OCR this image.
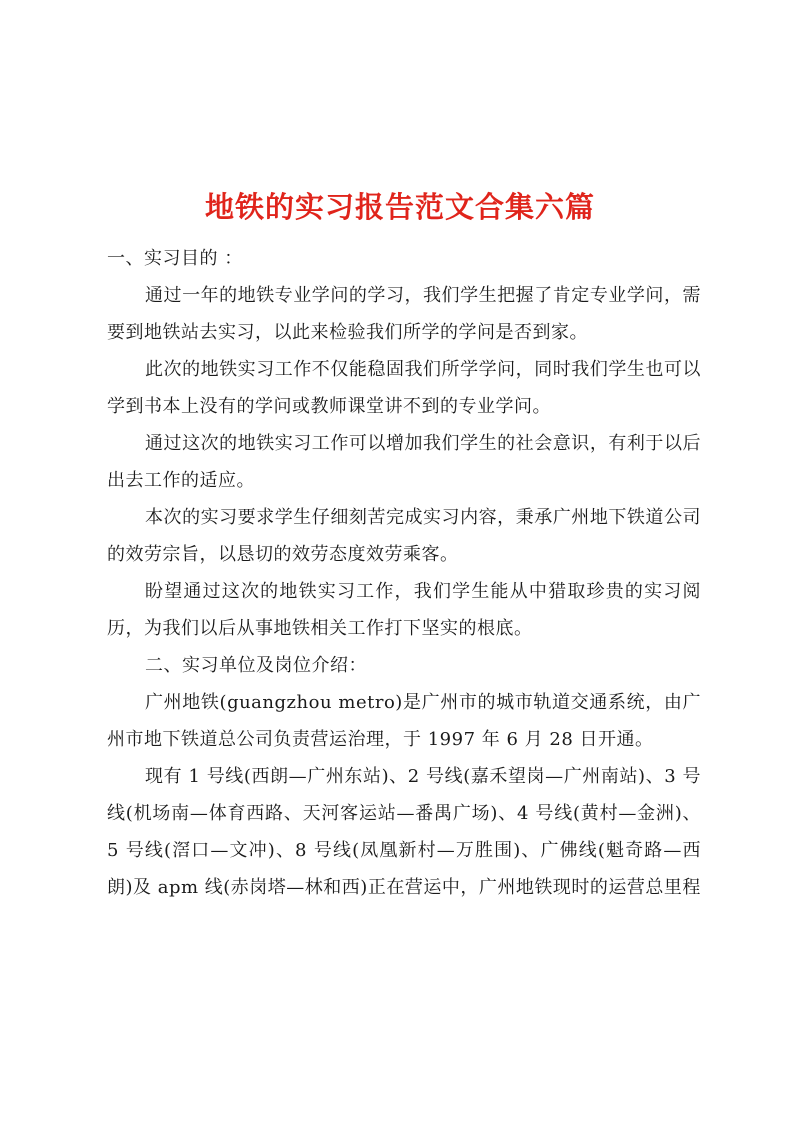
地铁的实习报告范文合集六篇

一、实习目的 ：

通过一年的地铁专业学问的学习，我们学生把握了肯定专业学问，需要到地铁站去实习，以此来检验我们所学的学问是否到家。

此次的地铁实习工作不仅能稳固我们所学学问，同时我们学生也可以学到书本上没有的学问或教师课堂讲不到的专业学问。

通过这次的地铁实习工作可以增加我们学生的社会意识，有利于以后出去工作的适应。

本次的实习要求学生仔细刻苦完成实习内容，秉承广州地下铁道公司的效劳宗旨，以恳切的效劳态度效劳乘客。

盼望通过这次的地铁实习工作，我们学生能从中猎取珍贵的实习阅历，为我们以后从事地铁相关工作打下坚实的根底。

二、实习单位及岗位介绍：

广州地铁(guangzhou metro)是广州市的城市轨道交通系统，由广州市地下铁道总公司负责营运治理，于 1997 年 6 月 28 日开通。

现有 1 号线(西朗—广州东站)、2 号线(嘉禾望岗—广州南站)、3 号线(机场南—体育西路、天河客运站—番禺广场)、4 号线(黄村—金洲)、5 号线(滘口—文冲)、8 号线(凤凰新村—万胜围)、广佛线(魁奇路—西朗)及 apm 线(赤岗塔—林和西)正在营运中，广州地铁现时的运营总里程
